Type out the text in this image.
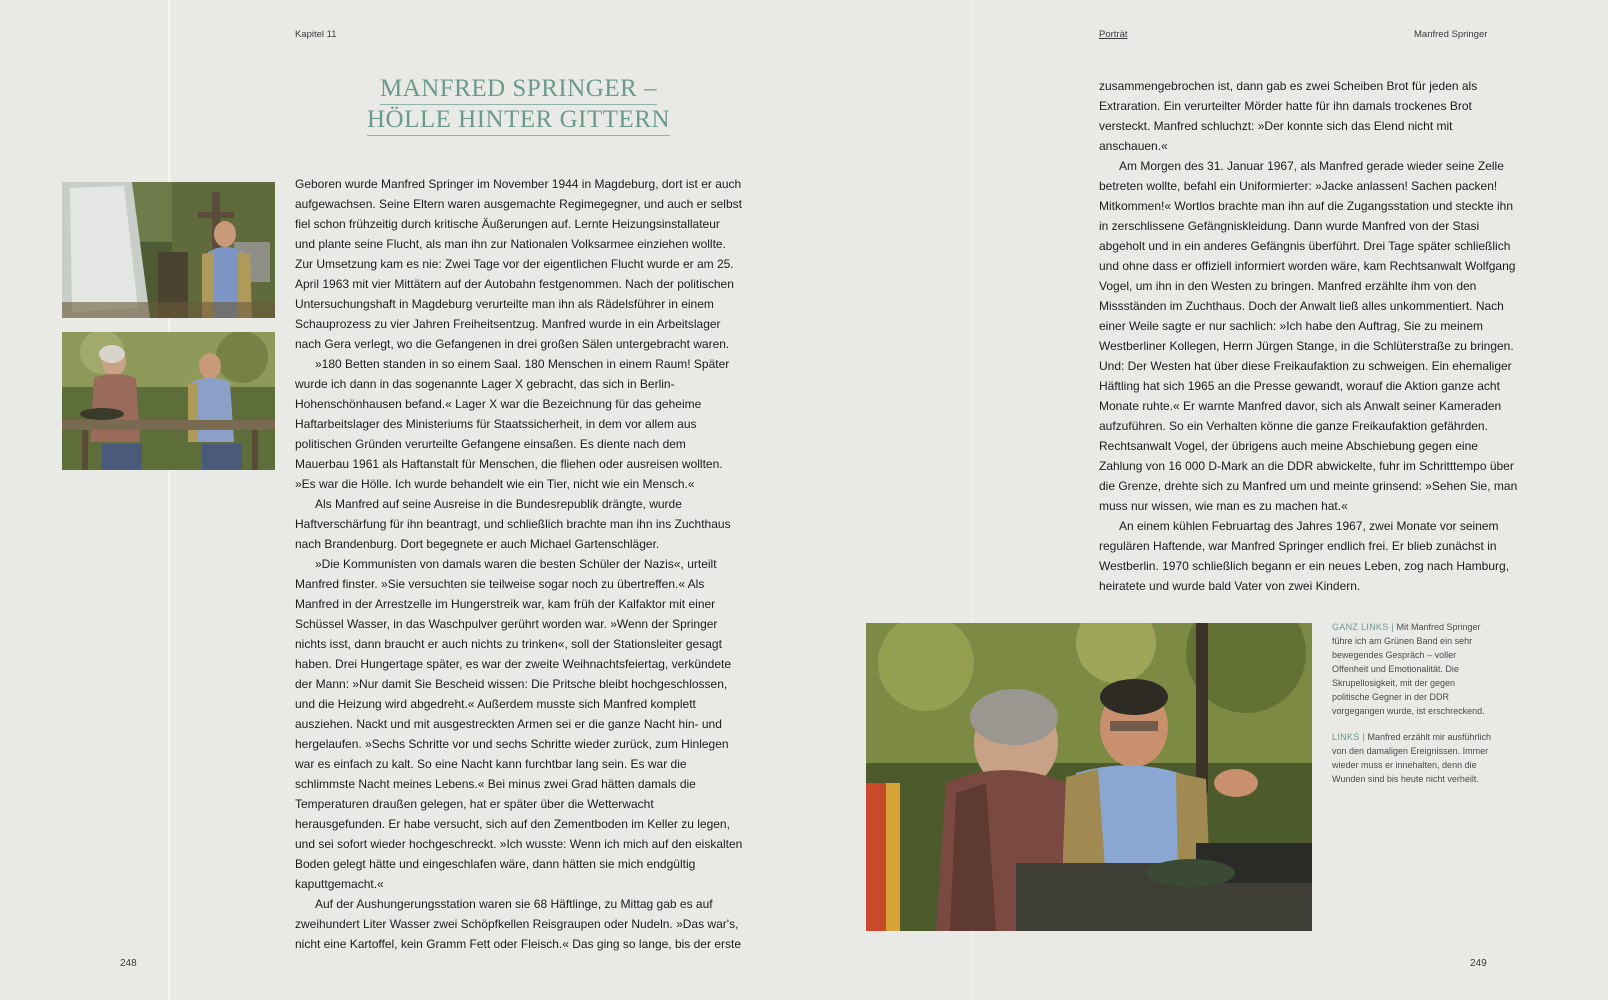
Kapitel 11
MANFRED SPRINGER –
HÖLLE HINTER GITTERN

Geboren wurde Manfred Springer im November 1944 in Magdeburg, dort ist er auch aufgewachsen. Seine Eltern waren ausgemachte Regimegegner, und auch er selbst fiel schon frühzeitig durch kritische Äußerungen auf. Lernte Heizungsinstallateur und plante seine Flucht, als man ihn zur Nationalen Volksarmee einziehen wollte. Zur Umsetzung kam es nie: Zwei Tage vor der eigentlichen Flucht wurde er am 25. April 1963 mit vier Mittätern auf der Autobahn festgenommen. Nach der politischen Untersuchungshaft in Magdeburg verurteilte man ihn als Rädelsführer in einem Schauprozess zu vier Jahren Freiheitsentzug. Manfred wurde in ein Arbeitslager nach Gera verlegt, wo die Gefangenen in drei großen Sälen untergebracht waren.

»180 Betten standen in so einem Saal. 180 Menschen in einem Raum! Später wurde ich dann in das sogenannte Lager X gebracht, das sich in Berlin-Hohenschönhausen befand.« Lager X war die Bezeichnung für das geheime Haftarbeitslager des Ministeriums für Staatssicherheit, in dem vor allem aus politischen Gründen verurteilte Gefangene einsaßen. Es diente nach dem Mauerbau 1961 als Haftanstalt für Menschen, die fliehen oder ausreisen wollten. »Es war die Hölle. Ich wurde behandelt wie ein Tier, nicht wie ein Mensch.«

Als Manfred auf seine Ausreise in die Bundesrepublik drängte, wurde Haftverschärfung für ihn beantragt, und schließlich brachte man ihn ins Zuchthaus nach Brandenburg. Dort begegnete er auch Michael Gartenschläger.

»Die Kommunisten von damals waren die besten Schüler der Nazis«, urteilt Manfred finster. »Sie versuchten sie teilweise sogar noch zu übertreffen.« Als Manfred in der Arrestzelle im Hungerstreik war, kam früh der Kalfaktor mit einer Schüssel Wasser, in das Waschpulver gerührt worden war. »Wenn der Springer nichts isst, dann braucht er auch nichts zu trinken«, soll der Stationsleiter gesagt haben. Drei Hungertage später, es war der zweite Weihnachtsfeiertag, verkündete der Mann: »Nur damit Sie Bescheid wissen: Die Pritsche bleibt hochgeschlossen, und die Heizung wird abgedreht.« Außerdem musste sich Manfred komplett ausziehen. Nackt und mit ausgestreckten Armen sei er die ganze Nacht hin- und hergelaufen. »Sechs Schritte vor und sechs Schritte wieder zurück, zum Hinlegen war es einfach zu kalt. So eine Nacht kann furchtbar lang sein. Es war die schlimmste Nacht meines Lebens.« Bei minus zwei Grad hätten damals die Temperaturen draußen gelegen, hat er später über die Wetterwacht herausgefunden. Er habe versucht, sich auf den Zementboden im Keller zu legen, und sei sofort wieder hochgeschreckt. »Ich wusste: Wenn ich mich auf den eiskalten Boden gelegt hätte und eingeschlafen wäre, dann hätten sie mich endgültig kaputtgemacht.«

Auf der Aushungerungsstation waren sie 68 Häftlinge, zu Mittag gab es auf zweihundert Liter Wasser zwei Schöpfkellen Reisgraupen oder Nudeln. »Das war's, nicht eine Kartoffel, kein Gramm Fett oder Fleisch.« Das ging so lange, bis der erste

248
Porträt	Manfred Springer

zusammengebrochen ist, dann gab es zwei Scheiben Brot für jeden als Extraration. Ein verurteilter Mörder hatte für ihn damals trockenes Brot versteckt. Manfred schluchzt: »Der konnte sich das Elend nicht mit anschauen.«

Am Morgen des 31. Januar 1967, als Manfred gerade wieder seine Zelle betreten wollte, befahl ein Uniformierter: »Jacke anlassen! Sachen packen! Mitkommen!« Wortlos brachte man ihn auf die Zugangsstation und steckte ihn in zerschlissene Gefängniskleidung. Dann wurde Manfred von der Stasi abgeholt und in ein anderes Gefängnis überführt. Drei Tage später schließlich und ohne dass er offiziell informiert worden wäre, kam Rechtsanwalt Wolfgang Vogel, um ihn in den Westen zu bringen. Manfred erzählte ihm von den Missständen im Zuchthaus. Doch der Anwalt ließ alles unkommentiert. Nach einer Weile sagte er nur sachlich: »Ich habe den Auftrag, Sie zu meinem Westberliner Kollegen, Herrn Jürgen Stange, in die Schlüterstraße zu bringen. Und: Der Westen hat über diese Freikaufaktion zu schweigen. Ein ehemaliger Häftling hat sich 1965 an die Presse gewandt, worauf die Aktion ganze acht Monate ruhte.« Er warnte Manfred davor, sich als Anwalt seiner Kameraden aufzuführen. So ein Verhalten könne die ganze Freikaufaktion gefährden. Rechtsanwalt Vogel, der übrigens auch meine Abschiebung gegen eine Zahlung von 16 000 D-Mark an die DDR abwickelte, fuhr im Schritttempo über die Grenze, drehte sich zu Manfred um und meinte grinsend: »Sehen Sie, man muss nur wissen, wie man es zu machen hat.«

An einem kühlen Februartag des Jahres 1967, zwei Monate vor seinem regulären Haftende, war Manfred Springer endlich frei. Er blieb zunächst in Westberlin. 1970 schließlich begann er ein neues Leben, zog nach Hamburg, heiratete und wurde bald Vater von zwei Kindern.

249

GANZ LINKS | Mit Manfred Springer führe ich am Grünen Band ein sehr bewegendes Gespräch – voller Offenheit und Emotionalität. Die Skrupellosigkeit, mit der gegen politische Gegner in der DDR vorgegangen wurde, ist erschreckend.

LINKS | Manfred erzählt mir ausführlich von den damaligen Ereignissen. Immer wieder muss er innehalten, denn die Wunden sind bis heute nicht verheilt.
